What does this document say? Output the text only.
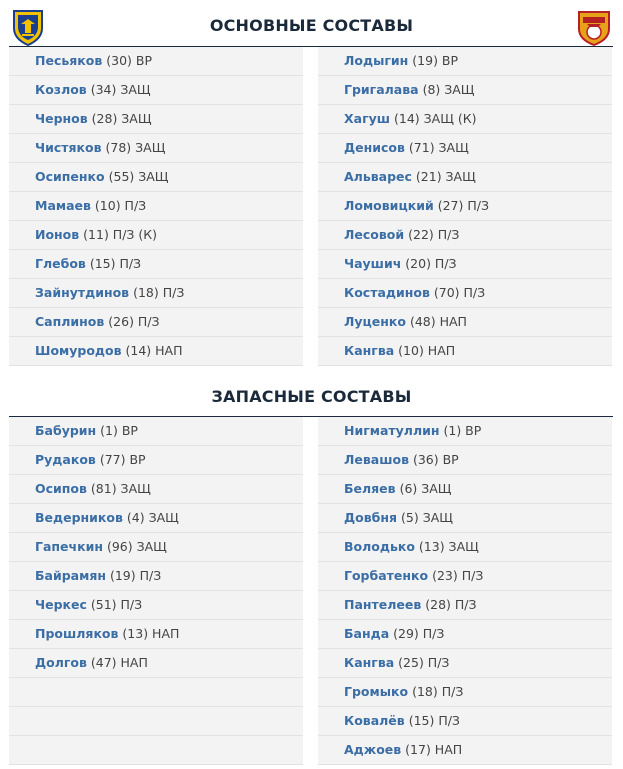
ОСНОВНЫЕ СОСТАВЫ
Песьяков (30) ВР
Козлов (34) ЗАЩ
Чернов (28) ЗАЩ
Чистяков (78) ЗАЩ
Осипенко (55) ЗАЩ
Мамаев (10) П/З
Ионов (11) П/З (К)
Глебов (15) П/З
Зайнутдинов (18) П/З
Саплинов (26) П/З
Шомуродов (14) НАП
Лодыгин (19) ВР
Григалава (8) ЗАЩ
Хагуш (14) ЗАЩ (К)
Денисов (71) ЗАЩ
Альварес (21) ЗАЩ
Ломовицкий (27) П/З
Лесовой (22) П/З
Чаушич (20) П/З
Костадинов (70) П/З
Луценко (48) НАП
Кангва (10) НАП
ЗАПАСНЫЕ СОСТАВЫ
Бабурин (1) ВР
Рудаков (77) ВР
Осипов (81) ЗАЩ
Ведерников (4) ЗАЩ
Гапечкин (96) ЗАЩ
Байрамян (19) П/З
Черкес (51) П/З
Прошляков (13) НАП
Долгов (47) НАП
Нигматуллин (1) ВР
Левашов (36) ВР
Беляев (6) ЗАЩ
Довбня (5) ЗАЩ
Володько (13) ЗАЩ
Горбатенко (23) П/З
Пантелеев (28) П/З
Банда (29) П/З
Кангва (25) П/З
Громыко (18) П/З
Ковалёв (15) П/З
Аджоев (17) НАП
